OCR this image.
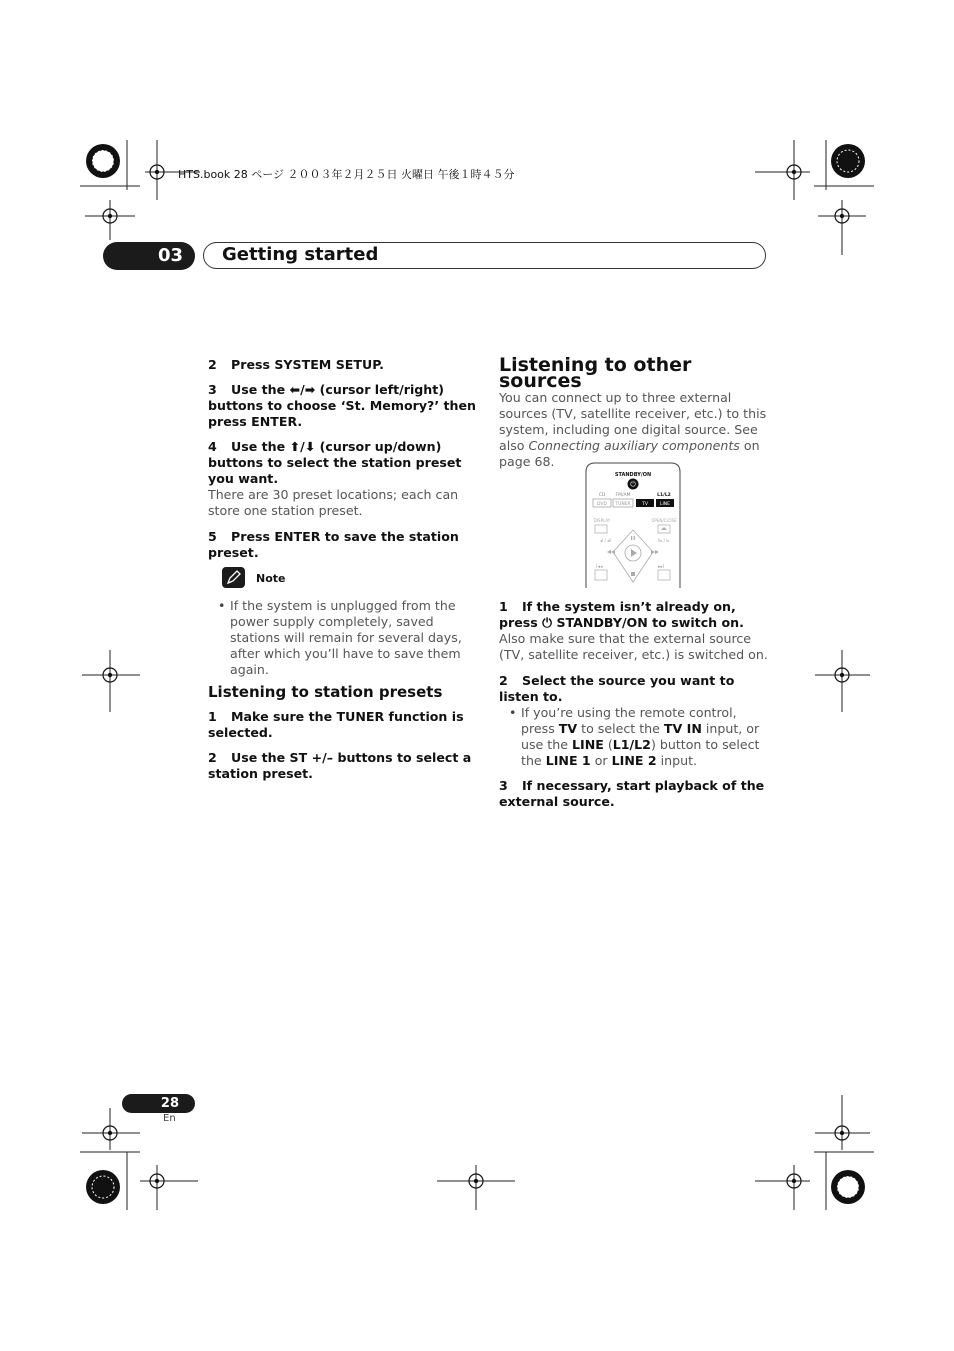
HTS.book 28 ページ ２００３年２月２５日 火曜日 午後１時４５分
03	Getting started
2 Press SYSTEM SETUP.
3 Use the ⬅/➡ (cursor left/right) buttons to choose ‘St. Memory?’ then press ENTER.
4 Use the ⬆/⬇ (cursor up/down) buttons to select the station preset you want.
There are 30 preset locations; each can store one station preset.
5 Press ENTER to save the station preset.
Note
• If the system is unplugged from the power supply completely, saved stations will remain for several days, after which you’ll have to save them again.
Listening to station presets
1 Make sure the TUNER function is selected.
2 Use the ST +/– buttons to select a station preset.
Listening to other sources
You can connect up to three external sources (TV, satellite receiver, etc.) to this system, including one digital source. See also Connecting auxiliary components on page 68.
STANDBY/ON
⏻
CD FM/AM	L1/L2
DVD TUNER	TV	LINE
DISPLAY	OPEN/CLOSE
◂I / ◂II	II▸ / I▸
I◂◂	▸▸I
1 If the system isn’t already on, press ⏻ STANDBY/ON to switch on.
Also make sure that the external source (TV, satellite receiver, etc.) is switched on.
2 Select the source you want to listen to.
• If you’re using the remote control, press TV to select the TV IN input, or use the LINE (L1/L2) button to select the LINE 1 or LINE 2 input.
3 If necessary, start playback of the external source.
28
En
